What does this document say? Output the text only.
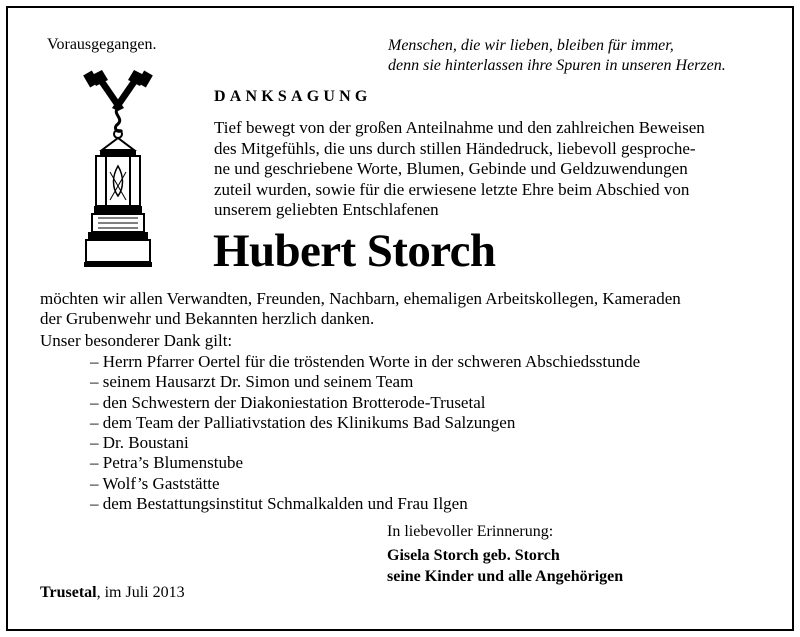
Vorausgegangen.	Menschen, die wir lieben, bleiben für immer,
denn sie hinterlassen ihre Spuren in unseren Herzen.
DANKSAGUNG
Tief bewegt von der großen Anteilnahme und den zahlreichen Beweisen
des Mitgefühls, die uns durch stillen Händedruck, liebevoll gesproche-
ne und geschriebene Worte, Blumen, Gebinde und Geldzuwendungen
zuteil wurden, sowie für die erwiesene letzte Ehre beim Abschied von
unserem geliebten Entschlafenen
Hubert Storch
möchten wir allen Verwandten, Freunden, Nachbarn, ehemaligen Arbeitskollegen, Kameraden
der Grubenwehr und Bekannten herzlich danken.
Unser besonderer Dank gilt:
– Herrn Pfarrer Oertel für die tröstenden Worte in der schweren Abschiedsstunde
– seinem Hausarzt Dr. Simon und seinem Team
– den Schwestern der Diakoniestation Brotterode-Trusetal
– dem Team der Palliativstation des Klinikums Bad Salzungen
– Dr. Boustani
– Petra’s Blumenstube
– Wolf’s Gaststätte
– dem Bestattungsinstitut Schmalkalden und Frau Ilgen
In liebevoller Erinnerung:
Gisela Storch geb. Storch
seine Kinder und alle Angehörigen
Trusetal, im Juli 2013
